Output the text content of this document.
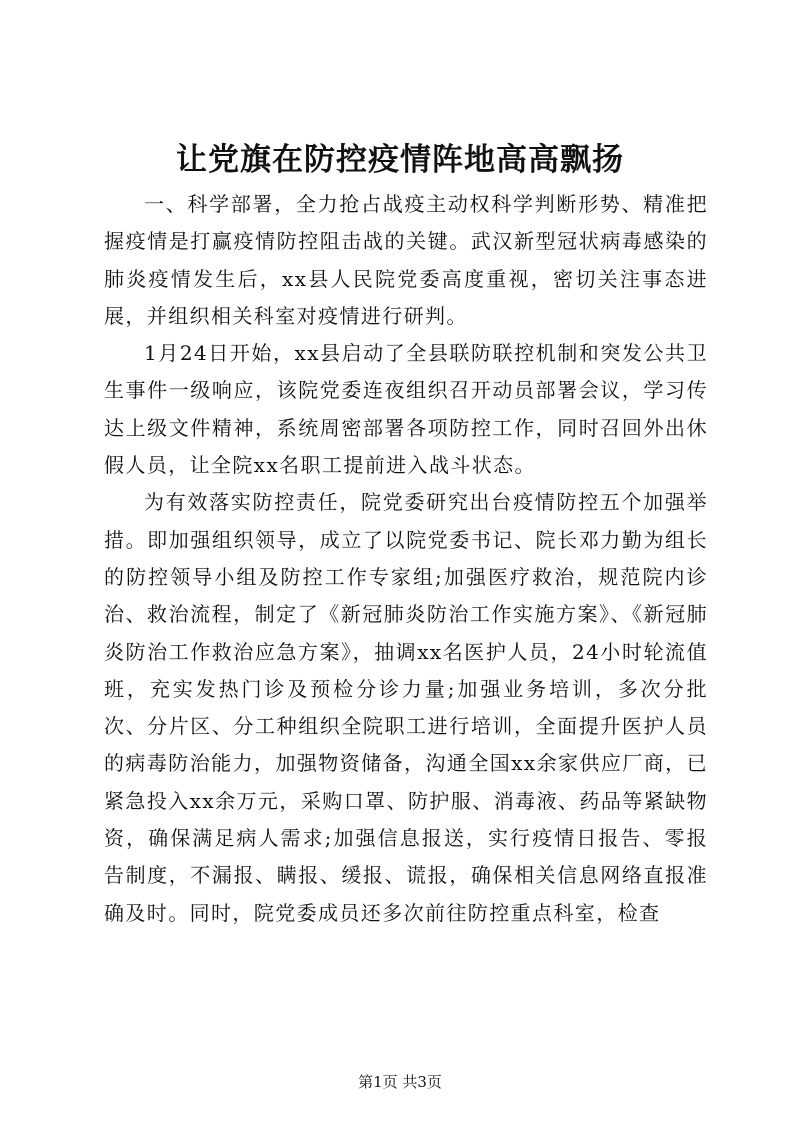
让党旗在防控疫情阵地高高飘扬

一、科学部署，全力抢占战疫主动权科学判断形势、精准把握疫情是打赢疫情防控阻击战的关键。武汉新型冠状病毒感染的肺炎疫情发生后，xx县人民院党委高度重视，密切关注事态进展，并组织相关科室对疫情进行研判。

1月24日开始，xx县启动了全县联防联控机制和突发公共卫生事件一级响应，该院党委连夜组织召开动员部署会议，学习传达上级文件精神，系统周密部署各项防控工作，同时召回外出休假人员，让全院xx名职工提前进入战斗状态。

为有效落实防控责任，院党委研究出台疫情防控五个加强举措。即加强组织领导，成立了以院党委书记、院长邓力勤为组长的防控领导小组及防控工作专家组;加强医疗救治，规范院内诊治、救治流程，制定了《新冠肺炎防治工作实施方案》、《新冠肺炎防治工作救治应急方案》，抽调xx名医护人员，24小时轮流值班，充实发热门诊及预检分诊力量;加强业务培训，多次分批次、分片区、分工种组织全院职工进行培训，全面提升医护人员的病毒防治能力，加强物资储备，沟通全国xx余家供应厂商，已紧急投入xx余万元，采购口罩、防护服、消毒液、药品等紧缺物资，确保满足病人需求;加强信息报送，实行疫情日报告、零报告制度，不漏报、瞒报、缓报、谎报，确保相关信息网络直报准确及时。同时，院党委成员还多次前往防控重点科室，检查

第1页 共3页
